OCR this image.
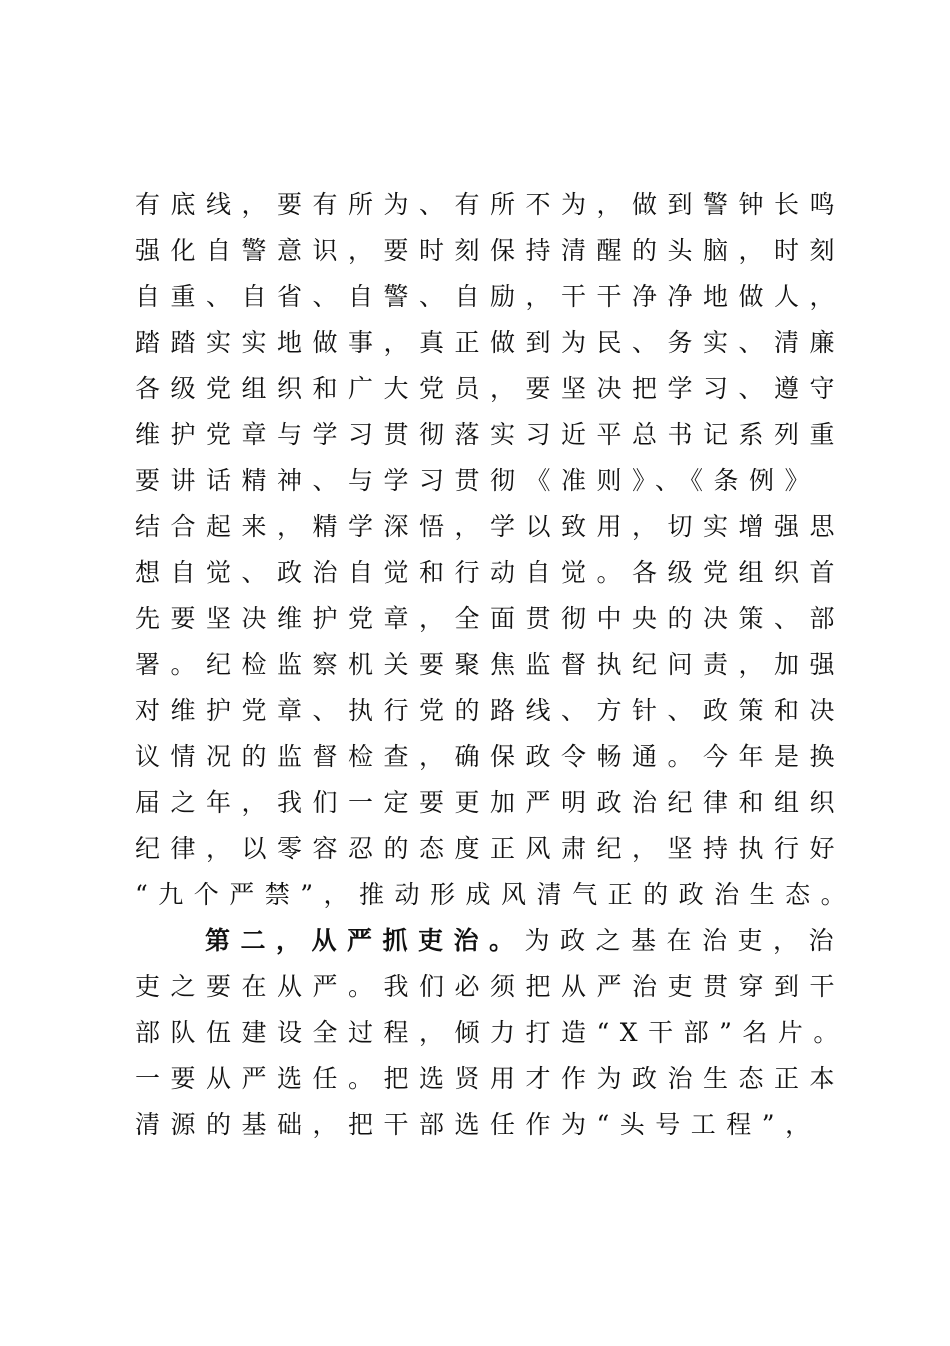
有底线，要有所为、有所不为，做到警钟长鸣
强化自警意识，要时刻保持清醒的头脑，时刻
自重、自省、自警、自励，干干净净地做人，
踏踏实实地做事，真正做到为民、务实、清廉
各级党组织和广大党员，要坚决把学习、遵守
维护党章与学习贯彻落实习近平总书记系列重
要讲话精神、与学习贯彻《准则》、《条例》
结合起来，精学深悟，学以致用，切实增强思
想自觉、政治自觉和行动自觉。各级党组织首
先要坚决维护党章，全面贯彻中央的决策、部
署。纪检监察机关要聚焦监督执纪问责，加强
对维护党章、执行党的路线、方针、政策和决
议情况的监督检查，确保政令畅通。今年是换
届之年，我们一定要更加严明政治纪律和组织
纪律，以零容忍的态度正风肃纪，坚持执行好
“九个严禁”，推动形成风清气正的政治生态。
第二，从严抓吏治。为政之基在治吏，治
吏之要在从严。我们必须把从严治吏贯穿到干
部队伍建设全过程，倾力打造“X干部”名片。
一要从严选任。把选贤用才作为政治生态正本
清源的基础，把干部选任作为“头号工程”，
